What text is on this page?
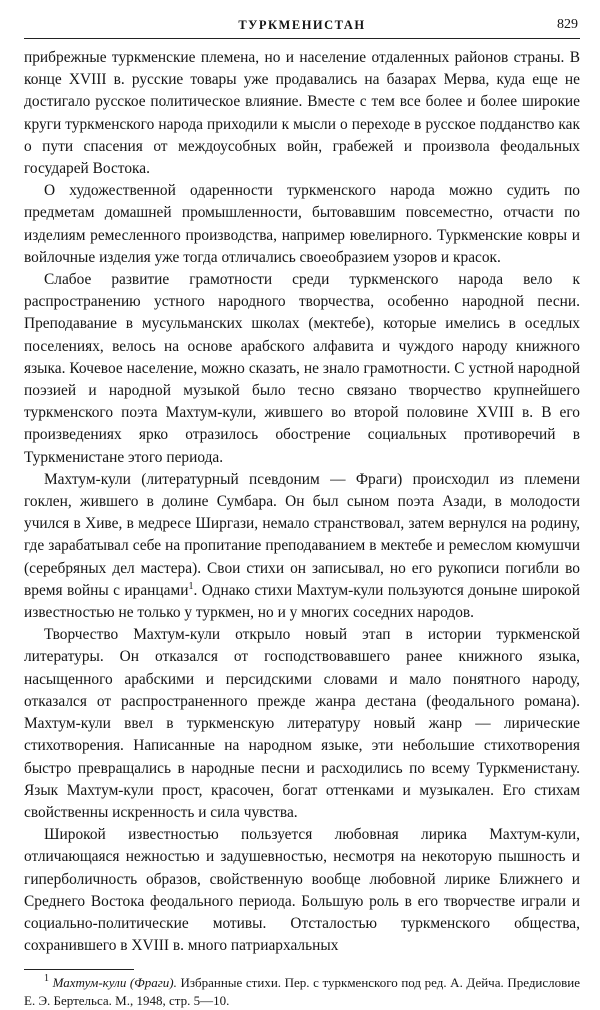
ТУРКМЕНИСТАН	829

прибрежные туркменские племена, но и население отдаленных районов страны. В конце XVIII в. русские товары уже продавались на базарах Мерва, куда еще не достигало русское политическое влияние. Вместе с тем все более и более широкие круги туркменского народа приходили к мысли о переходе в русское подданство как о пути спасения от междоусобных войн, грабежей и произвола феодальных государей Востока.

О художественной одаренности туркменского народа можно судить по предметам домашней промышленности, бытовавшим повсеместно, отчасти по изделиям ремесленного производства, например ювелирного. Туркменские ковры и войлочные изделия уже тогда отличались своеобразием узоров и красок.

Слабое развитие грамотности среди туркменского народа вело к распространению устного народного творчества, особенно народной песни. Преподавание в мусульманских школах (мектебе), которые имелись в оседлых поселениях, велось на основе арабского алфавита и чуждого народу книжного языка. Кочевое население, можно сказать, не знало грамотности. С устной народной поэзией и народной музыкой было тесно связано творчество крупнейшего туркменского поэта Махтум-кули, жившего во второй половине XVIII в. В его произведениях ярко отразилось обострение социальных противоречий в Туркменистане этого периода.

Махтум-кули (литературный псевдоним — Фраги) происходил из племени гоклен, жившего в долине Сумбара. Он был сыном поэта Азади, в молодости учился в Хиве, в медресе Ширгази, немало странствовал, затем вернулся на родину, где зарабатывал себе на пропитание преподаванием в мектебе и ремеслом кюмушчи (серебряных дел мастера). Свои стихи он записывал, но его рукописи погибли во время войны с иранцами$^1$. Однако стихи Махтум-кули пользуются доныне широкой известностью не только у туркмен, но и у многих соседних народов.

Творчество Махтум-кули открыло новый этап в истории туркменской литературы. Он отказался от господствовавшего ранее книжного языка, насыщенного арабскими и персидскими словами и мало понятного народу, отказался от распространенного прежде жанра дестана (феодального романа). Махтум-кули ввел в туркменскую литературу новый жанр — лирические стихотворения. Написанные на народном языке, эти небольшие стихотворения быстро превращались в народные песни и расходились по всему Туркменистану. Язык Махтум-кули прост, красочен, богат оттенками и музыкален. Его стихам свойственны искренность и сила чувства.

Широкой известностью пользуется любовная лирика Махтум-кули, отличающаяся нежностью и задушевностью, несмотря на некоторую пышность и гиперболичность образов, свойственную вообще любовной лирике Ближнего и Среднего Востока феодального периода. Большую роль в его творчестве играли и социально-политические мотивы. Отсталостью туркменского общества, сохранившего в XVIII в. много патриархальных

$^1$ Махтум-кули (Фраги). Избранные стихи. Пер. с туркменского под ред. А. Дейча. Предисловие Е. Э. Бертельса. М., 1948, стр. 5—10.
